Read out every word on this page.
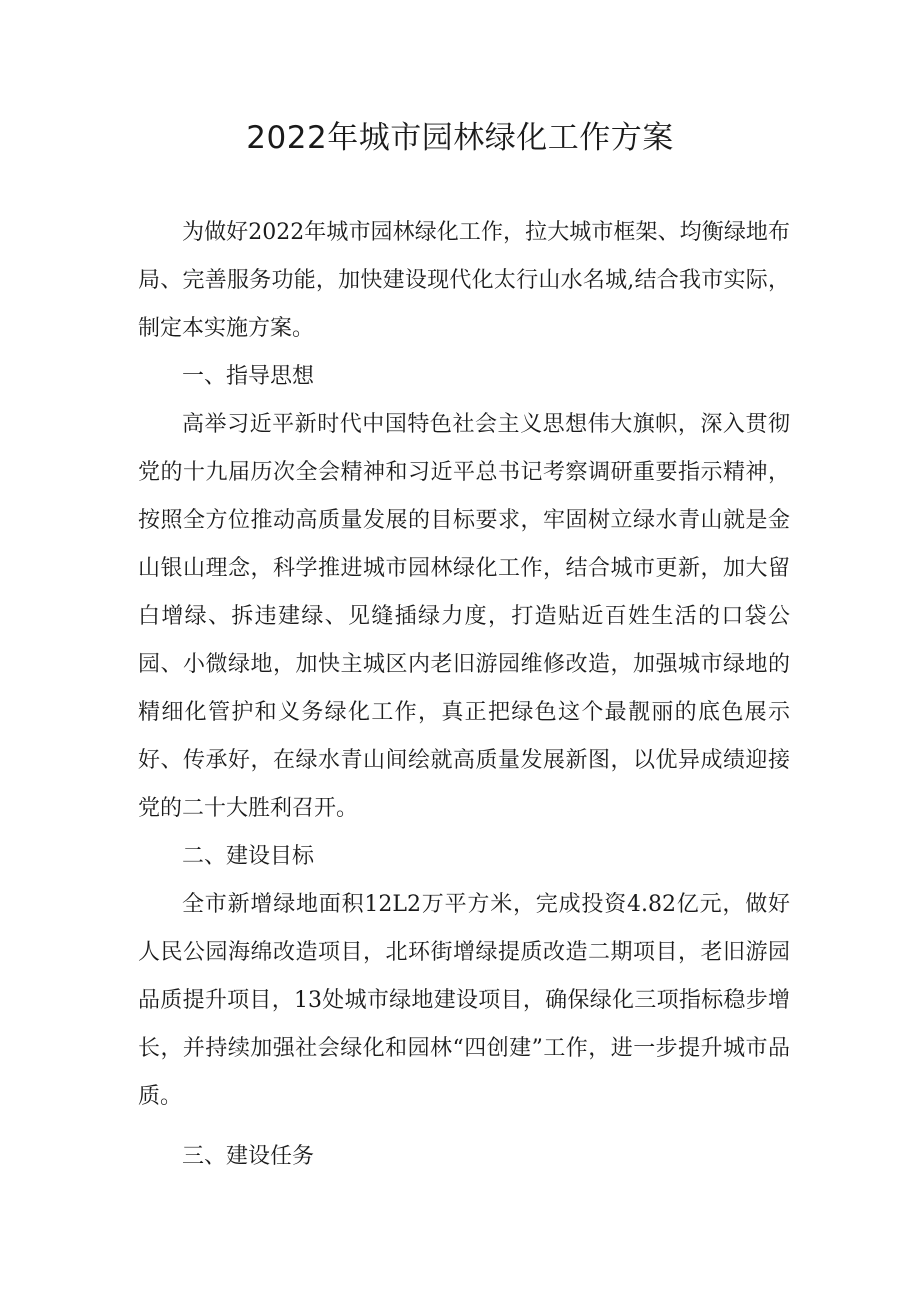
2022年城市园林绿化工作方案

为做好2022年城市园林绿化工作，拉大城市框架、均衡绿地布局、完善服务功能，加快建设现代化太行山水名城,结合我市实际，制定本实施方案。

一、指导思想

高举习近平新时代中国特色社会主义思想伟大旗帜，深入贯彻党的十九届历次全会精神和习近平总书记考察调研重要指示精神，按照全方位推动高质量发展的目标要求，牢固树立绿水青山就是金山银山理念，科学推进城市园林绿化工作，结合城市更新，加大留白增绿、拆违建绿、见缝插绿力度，打造贴近百姓生活的口袋公园、小微绿地，加快主城区内老旧游园维修改造，加强城市绿地的精细化管护和义务绿化工作，真正把绿色这个最靓丽的底色展示好、传承好，在绿水青山间绘就高质量发展新图，以优异成绩迎接党的二十大胜利召开。

二、建设目标

全市新增绿地面积12L2万平方米，完成投资4.82亿元，做好人民公园海绵改造项目，北环街增绿提质改造二期项目，老旧游园品质提升项目，13处城市绿地建设项目，确保绿化三项指标稳步增长，并持续加强社会绿化和园林“四创建”工作，进一步提升城市品质。

三、建设任务
